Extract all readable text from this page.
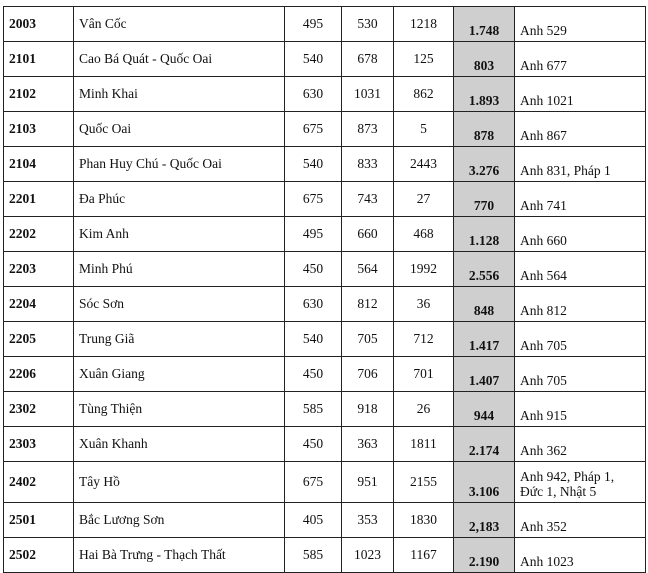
2003	Vân Cốc	495	530	1218	1.748	Anh 529
2101	Cao Bá Quát - Quốc Oai	540	678	125	803	Anh 677
2102	Minh Khai	630	1031	862	1.893	Anh 1021
2103	Quốc Oai	675	873	5	878	Anh 867
2104	Phan Huy Chú - Quốc Oai	540	833	2443	3.276	Anh 831, Pháp 1
2201	Đa Phúc	675	743	27	770	Anh 741
2202	Kim Anh	495	660	468	1.128	Anh 660
2203	Minh Phú	450	564	1992	2.556	Anh 564
2204	Sóc Sơn	630	812	36	848	Anh 812
2205	Trung Giã	540	705	712	1.417	Anh 705
2206	Xuân Giang	450	706	701	1.407	Anh 705
2302	Tùng Thiện	585	918	26	944	Anh 915
2303	Xuân Khanh	450	363	1811	2.174	Anh 362
2402	Tây Hồ	675	951	2155	3.106	Anh 942, Pháp 1, Đức 1, Nhật 5
2501	Bắc Lương Sơn	405	353	1830	2,183	Anh 352
2502	Hai Bà Trưng - Thạch Thất	585	1023	1167	2.190	Anh 1023
